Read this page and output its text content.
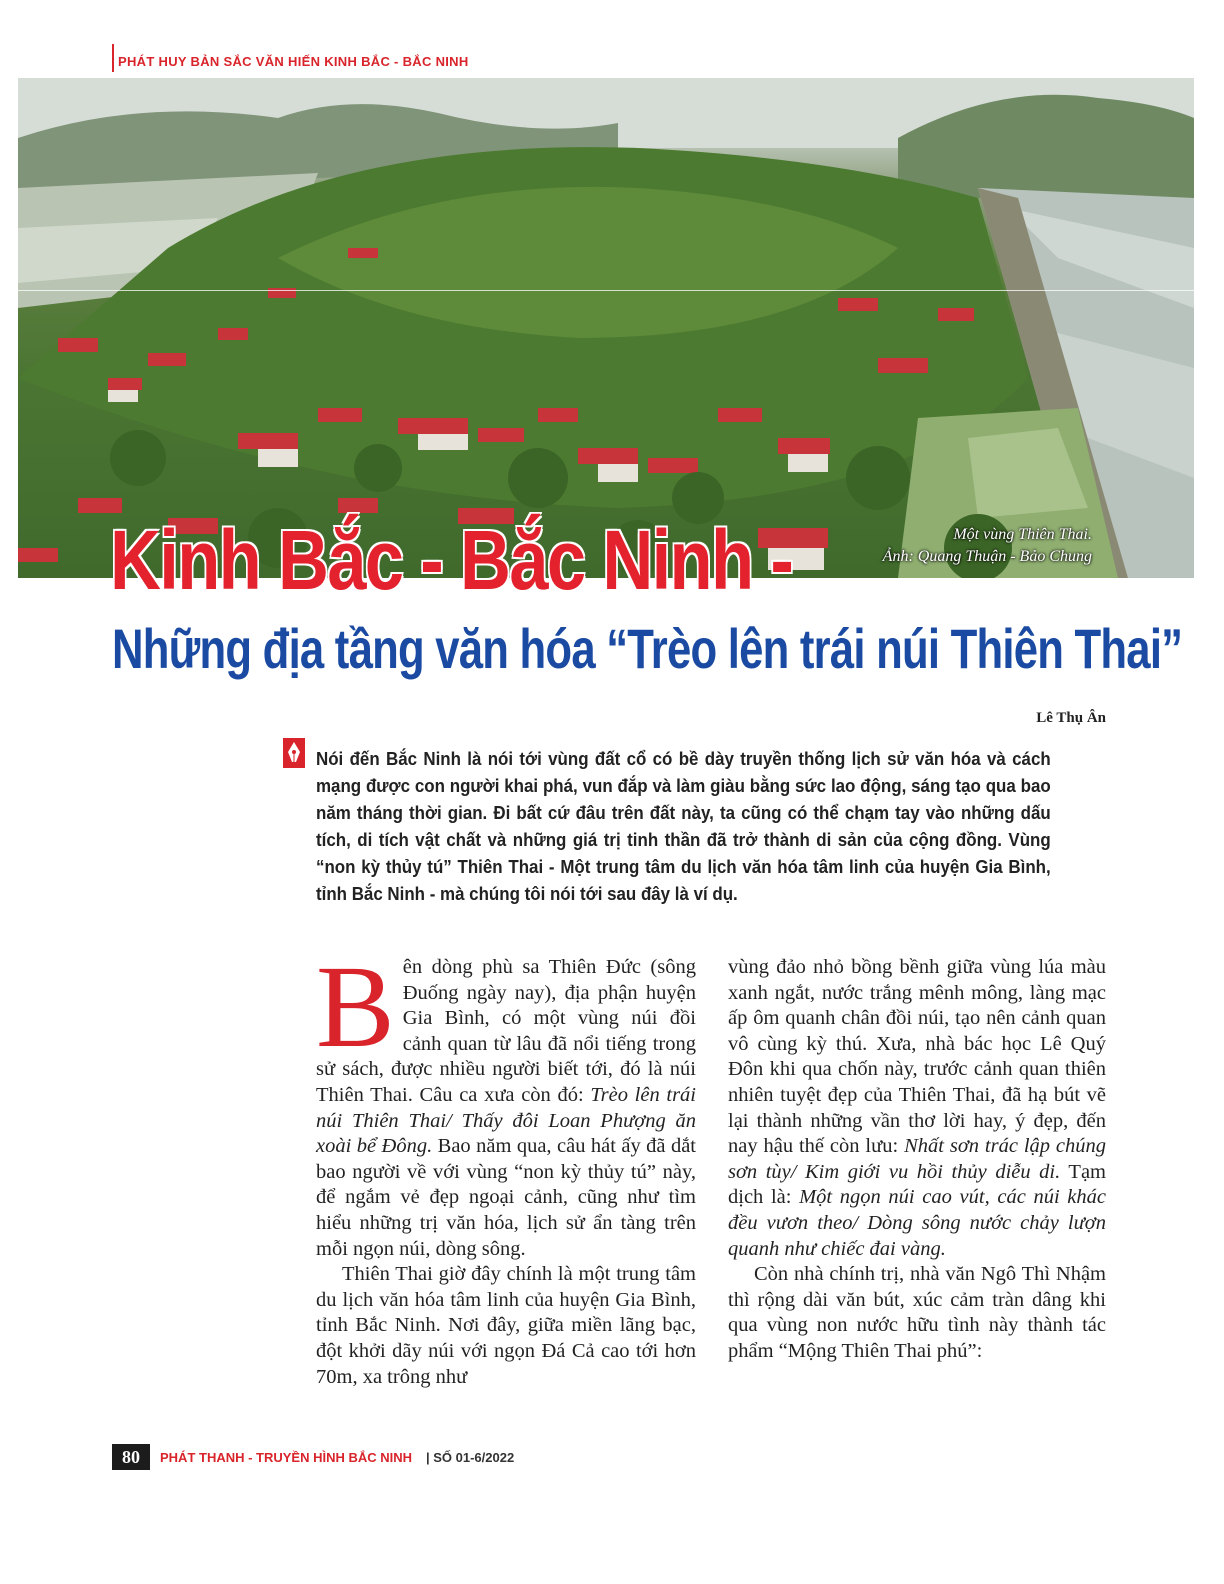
PHÁT HUY BẢN SẮC VĂN HIẾN KINH BẮC - BẮC NINH
Một vùng Thiên Thai.
Ảnh: Quang Thuận - Bảo Chung
Kinh Bắc - Bắc Ninh -
Những địa tầng văn hóa “Trèo lên trái núi Thiên Thai”
Lê Thụ Ân
Nói đến Bắc Ninh là nói tới vùng đất cổ có bề dày truyền thống lịch sử văn hóa và cách mạng được con người khai phá, vun đắp và làm giàu bằng sức lao động, sáng tạo qua bao năm tháng thời gian. Đi bất cứ đâu trên đất này, ta cũng có thể chạm tay vào những dấu tích, di tích vật chất và những giá trị tinh thần đã trở thành di sản của cộng đồng. Vùng “non kỳ thủy tú” Thiên Thai - Một trung tâm du lịch văn hóa tâm linh của huyện Gia Bình, tỉnh Bắc Ninh - mà chúng tôi nói tới sau đây là ví dụ.

Bên dòng phù sa Thiên Đức (sông Đuống ngày nay), địa phận huyện Gia Bình, có một vùng núi đồi cảnh quan từ lâu đã nổi tiếng trong sử sách, được nhiều người biết tới, đó là núi Thiên Thai. Câu ca xưa còn đó: Trèo lên trái núi Thiên Thai/ Thấy đôi Loan Phượng ăn xoài bể Đông. Bao năm qua, câu hát ấy đã dắt bao người về với vùng “non kỳ thủy tú” này, để ngắm vẻ đẹp ngoại cảnh, cũng như tìm hiểu những trị văn hóa, lịch sử ẩn tàng trên mỗi ngọn núi, dòng sông.

Thiên Thai giờ đây chính là một trung tâm du lịch văn hóa tâm linh của huyện Gia Bình, tỉnh Bắc Ninh. Nơi đây, giữa miền lãng bạc, đột khởi dãy núi với ngọn Đá Cả cao tới hơn 70m, xa trông như

vùng đảo nhỏ bồng bềnh giữa vùng lúa màu xanh ngắt, nước trắng mênh mông, làng mạc ấp ôm quanh chân đồi núi, tạo nên cảnh quan vô cùng kỳ thú. Xưa, nhà bác học Lê Quý Đôn khi qua chốn này, trước cảnh quan thiên nhiên tuyệt đẹp của Thiên Thai, đã hạ bút vẽ lại thành những vần thơ lời hay, ý đẹp, đến nay hậu thế còn lưu: Nhất sơn trác lập chúng sơn tùy/ Kim giới vu hồi thủy diễu di. Tạm dịch là: Một ngọn núi cao vút, các núi khác đều vươn theo/ Dòng sông nước chảy lượn quanh như chiếc đai vàng.

Còn nhà chính trị, nhà văn Ngô Thì Nhậm thì rộng dài văn bút, xúc cảm tràn dâng khi qua vùng non nước hữu tình này thành tác phẩm “Mộng Thiên Thai phú”:

80	PHÁT THANH - TRUYỀN HÌNH BẮC NINH | SỐ 01-6/2022
